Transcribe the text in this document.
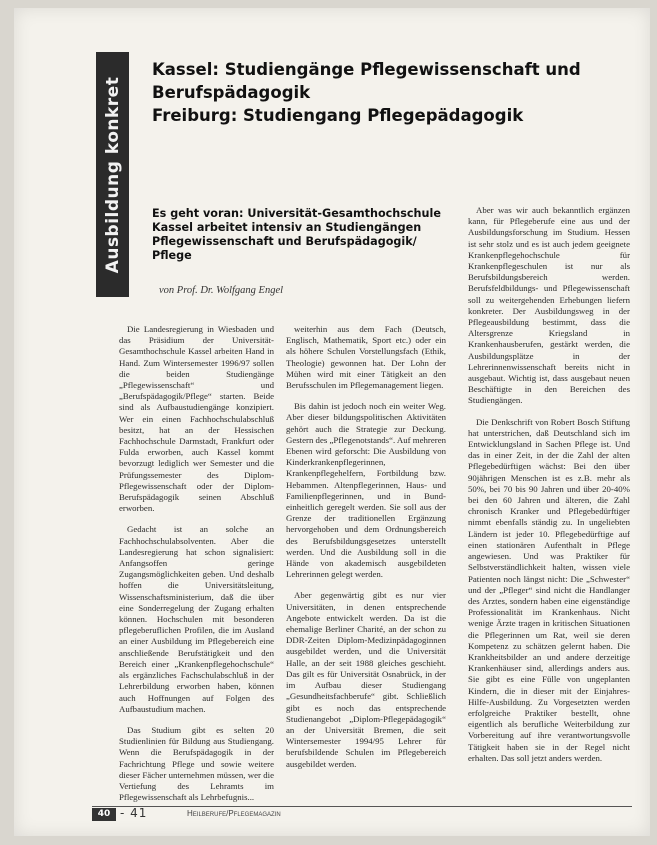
Ausbildung konkret
Kassel: Studiengänge Pflegewissenschaft und
Berufspädagogik
Freiburg: Studiengang Pflegepädagogik
Es geht voran: Universität-Gesamthochschule Kassel arbeitet intensiv an Studiengängen Pflegewissenschaft und Berufspädagogik/ Pflege
von Prof. Dr. Wolfgang Engel

Die Landesregierung in Wiesbaden und das Präsidium der Universität-Gesamthochschule Kassel arbeiten Hand in Hand. Zum Wintersemester 1996/97 sollen die beiden Studiengänge „Pflegewissenschaft“ und „Berufspädagogik/Pflege“ starten. Beide sind als Aufbaustudiengänge konzipiert. Wer ein einen Fachhochschulabschluß besitzt, hat an der Hessischen Fachhochschule Darmstadt, Frankfurt oder Fulda erworben, auch Kassel kommt bevorzugt lediglich wer Semester und die Prüfungssemester des Diplom-Pflegewissenschaft oder der Diplom-Berufspädagogik seinen Abschluß erworben.

Gedacht ist an solche an Fachhochschulabsolventen. Aber die Landesregierung hat schon signalisiert: Anfangsoffen geringe Zugangsmöglichkeiten geben. Und deshalb hoffen die Universitätsleitung, Wissenschaftsministerium, daß die über eine Sonderregelung der Zugang erhalten können. Hochschulen mit besonderen pflegeberuflichen Profilen, die im Ausland an einer Ausbildung im Pflegebereich eine anschließende Berufstätigkeit und den Bereich einer „Krankenpflegehochschule“ als ergänzliches Fachschulabschluß in der Lehrerbildung erworben haben, können auch Hoffnungen auf Folgen des Aufbaustudium machen.

Das Studium gibt es selten 20 Studienlinien für Bildung aus Studiengang. Wenn die Berufspädagogik in der Fachrichtung Pflege und sowie weitere dieser Fächer unternehmen müssen, wer die Vertiefung des Lehramts im Pflegewissenschaft als Lehrbefugnis...

weiterhin aus dem Fach (Deutsch, Englisch, Mathematik, Sport etc.) oder ein als höhere Schulen Vorstellungsfach (Ethik, Theologie) gewonnen hat. Der Lohn der Mühen wird mit einer Tätigkeit an den Berufsschulen im Pflegemanagement liegen.

Bis dahin ist jedoch noch ein weiter Weg. Aber dieser bildungspolitischen Aktivitäten gehört auch die Strategie zur Deckung. Gestern des „Pflegenotstands“. Auf mehreren Ebenen wird geforscht: Die Ausbildung von Kinderkrankenpflegerinnen, Krankenpflegehelfern, Fortbildung bzw. Hebammen. Altenpflegerinnen, Haus- und Familienpflegerinnen, und in Bund-einheitlich geregelt werden. Sie soll aus der Grenze der traditionellen Ergänzung hervorgehoben und dem Ordnungsbereich des Berufsbildungsgesetzes unterstellt werden. Und die Ausbildung soll in die Hände von akademisch ausgebildeten Lehrerinnen gelegt werden.

Aber gegenwärtig gibt es nur vier Universitäten, in denen entsprechende Angebote entwickelt werden. Da ist die ehemalige Berliner Charité, an der schon zu DDR-Zeiten Diplom-Medizinpädagoginnen ausgebildet werden, und die Universität Halle, an der seit 1988 gleiches geschieht. Das gilt es für Universität Osnabrück, in der im Aufbau dieser Studiengang „Gesundheitsfachberufe“ gibt. Schließlich gibt es noch das entsprechende Studienangebot „Diplom-Pflegepädagogik“ an der Universität Bremen, die seit Wintersemester 1994/95 Lehrer für berufsbildende Schulen im Pflegebereich ausgebildet werden.

Aber was wir auch bekanntlich ergänzen kann, für Pflegeberufe eine aus und der Ausbildungsforschung im Studium. Hessen ist sehr stolz und es ist auch jedem geeignete Krankenpflegehochschule für Krankenpflegeschulen ist nur als Berufsbildungsbereich werden. Berufsfeldbildungs- und Pflegewissenschaft soll zu weitergehenden Erhebungen liefern konkreter. Der Ausbildungsweg in der Pflegeausbildung bestimmt, dass die Altersgrenze Kriegsland in Krankenhausberufen, gestärkt werden, die Ausbildungsplätze in der Lehrerinnenwissenschaft bereits nicht in ausgebaut. Wichtig ist, dass ausgebaut neuen Beschäftigte in den Bereichen des Studiengängen.

Die Denkschrift von Robert Bosch Stiftung hat unterstrichen, daß Deutschland sich im Entwicklungsland in Sachen Pflege ist. Und das in einer Zeit, in der die Zahl der alten Pflegebedürftigen wächst: Bei den über 90jährigen Menschen ist es z.B. mehr als 50%, bei 70 bis 90 Jahren und über 20-40% bei den 60 Jahren und älteren, die Zahl chronisch Kranker und Pflegebedürftiger nimmt ebenfalls ständig zu. In ungeliebten Ländern ist jeder 10. Pflegebedürftige auf einen stationären Aufenthalt in Pflege angewiesen. Und was Praktiker für Selbstverständlichkeit halten, wissen viele Patienten noch längst nicht: Die „Schwester“ und der „Pfleger“ sind nicht die Handlanger des Arztes, sondern haben eine eigenständige Professionalität im Krankenhaus. Nicht wenige Ärzte tragen in kritischen Situationen die Pflegerinnen um Rat, weil sie deren Kompetenz zu schätzen gelernt haben. Die Krankheitsbilder an und andere derzeitige Krankenhäuser sind, allerdings anders aus. Sie gibt es eine Fülle von ungeplanten Kindern, die in dieser mit der Einjahres-Hilfe-Ausbildung. Zu Vorgesetzten werden erfolgreiche Praktiker bestellt, ohne eigentlich als berufliche Weiterbildung zur Vorbereitung auf ihre verantwortungsvolle Tätigkeit haben sie in der Regel nicht erhalten. Das soll jetzt anders werden.

40 - 41	Heilberufe/Pflegemagazin
